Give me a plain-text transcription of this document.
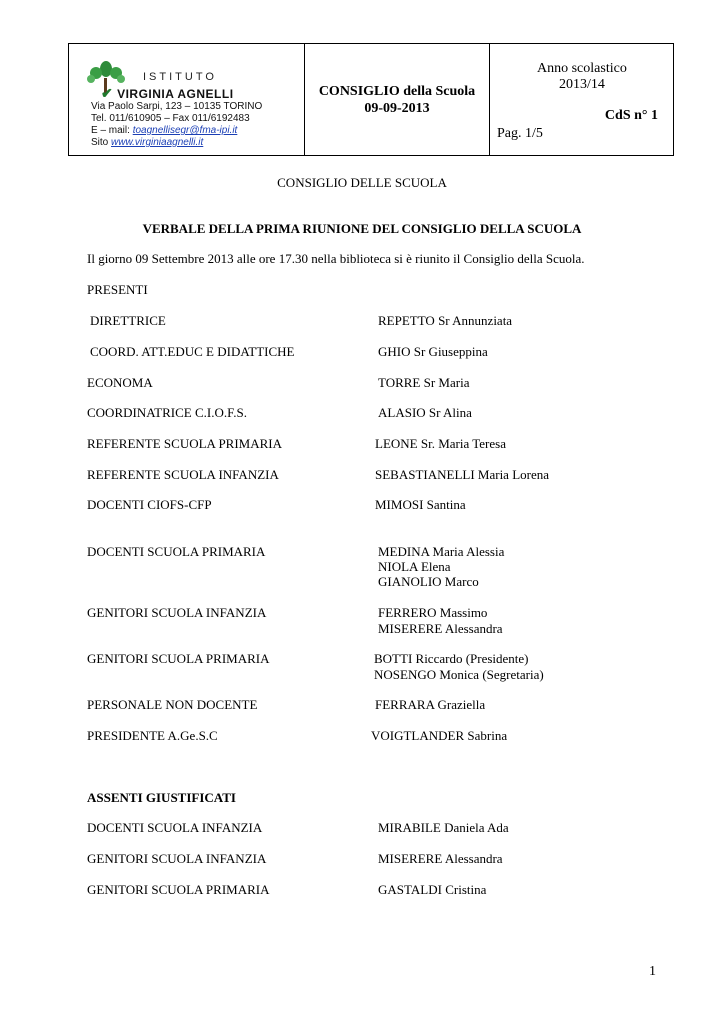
ISTITUTO
✔ VIRGINIA AGNELLI
Via Paolo Sarpi, 123 – 10135 TORINO
Tel. 011/610905 – Fax 011/6192483
E – mail: toagnellisegr@fma-ipi.it
Sito www.virginiaagnelli.it
CONSIGLIO della Scuola
09-09-2013
Anno scolastico
2013/14
CdS n° 1
Pag. 1/5
CONSIGLIO DELLE SCUOLA
VERBALE DELLA PRIMA RIUNIONE DEL CONSIGLIO DELLA SCUOLA
Il giorno 09 Settembre 2013 alle ore 17.30 nella biblioteca si è riunito il Consiglio della Scuola.
PRESENTI
DIRETTRICE	REPETTO Sr Annunziata
COORD. ATT.EDUC E DIDATTICHE	GHIO Sr Giuseppina
ECONOMA	TORRE Sr Maria
COORDINATRICE C.I.O.F.S.	ALASIO Sr Alina
REFERENTE SCUOLA PRIMARIA	LEONE Sr. Maria Teresa
REFERENTE SCUOLA INFANZIA	SEBASTIANELLI Maria Lorena
DOCENTI CIOFS-CFP	MIMOSI Santina
DOCENTI SCUOLA PRIMARIA	MEDINA Maria Alessia
NIOLA Elena
GIANOLIO Marco
GENITORI SCUOLA INFANZIA	FERRERO Massimo
MISERERE Alessandra
GENITORI SCUOLA PRIMARIA	BOTTI Riccardo (Presidente)
NOSENGO Monica (Segretaria)
PERSONALE NON DOCENTE	FERRARA Graziella
PRESIDENTE A.Ge.S.C	VOIGTLANDER Sabrina
ASSENTI GIUSTIFICATI
DOCENTI SCUOLA INFANZIA	MIRABILE Daniela Ada
GENITORI SCUOLA INFANZIA	MISERERE Alessandra
GENITORI SCUOLA PRIMARIA	GASTALDI Cristina
1
